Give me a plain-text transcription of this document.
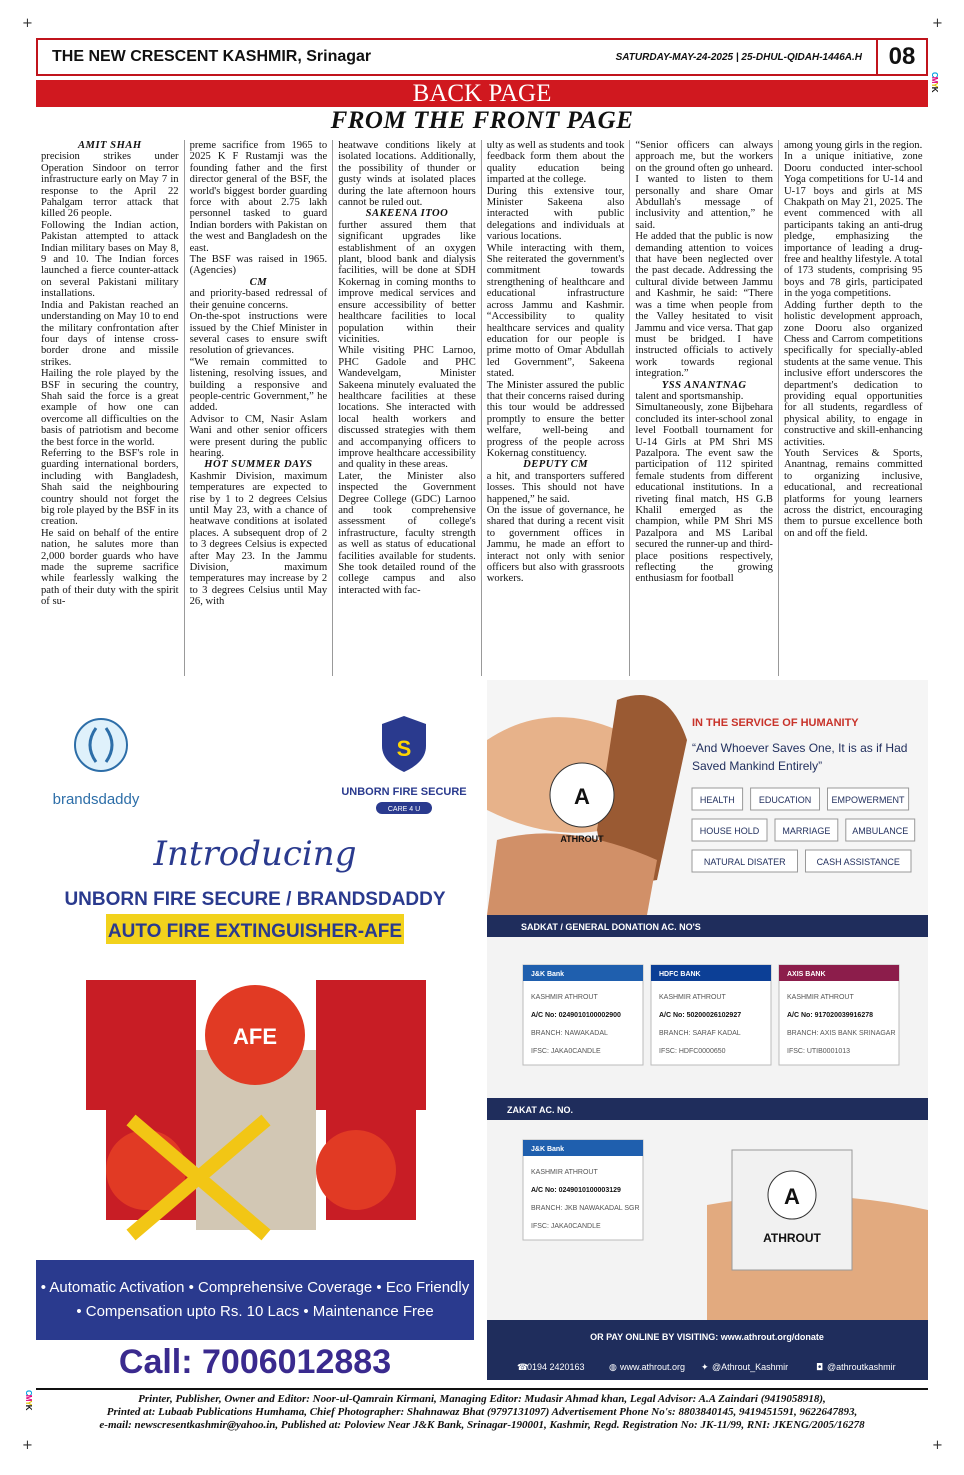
+	+
+	+
CMYK
CMYK
THE NEW CRESCENT KASHMIR, Srinagar	SATURDAY-MAY-24-2025 | 25-DHUL-QIDAH-1446A.H	08
BACK PAGE
FROM THE FRONT PAGE
AMIT SHAH

precision strikes under Operation Sindoor on terror infrastructure early on May 7 in response to the April 22 Pahalgam terror attack that killed 26 people.

Following the Indian action, Pakistan attempted to attack Indian military bases on May 8, 9 and 10. The Indian forces launched a fierce counter-attack on several Pakistani military installations.

India and Pakistan reached an understanding on May 10 to end the military confrontation after four days of intense cross-border drone and missile strikes.

Hailing the role played by the BSF in securing the country, Shah said the force is a great example of how one can overcome all difficulties on the basis of patriotism and become the best force in the world.

Referring to the BSF's role in guarding international borders, including with Bangladesh, Shah said the neighbouring country should not forget the big role played by the BSF in its creation.

He said on behalf of the entire nation, he salutes more than 2,000 border guards who have made the supreme sacrifice while fearlessly walking the path of their duty with the spirit of su-

preme sacrifice from 1965 to 2025 K F Rustamji was the founding father and the first director general of the BSF, the world's biggest border guarding force with about 2.75 lakh personnel tasked to guard Indian borders with Pakistan on the west and Bangladesh on the east.

The BSF was raised in 1965. (Agencies)

CM

and priority-based redressal of their genuine concerns.

On-the-spot instructions were issued by the Chief Minister in several cases to ensure swift resolution of grievances.

“We remain committed to listening, resolving issues, and building a responsive and people-centric Government,” he added.

Advisor to CM, Nasir Aslam Wani and other senior officers were present during the public hearing.

HOT SUMMER DAYS

Kashmir Division, maximum temperatures are expected to rise by 1 to 2 degrees Celsius until May 23, with a chance of heatwave conditions at isolated places. A subsequent drop of 2 to 3 degrees Celsius is expected after May 23. In the Jammu Division, maximum temperatures may increase by 2 to 3 degrees Celsius until May 26, with

heatwave conditions likely at isolated locations. Additionally, the possibility of thunder or gusty winds at isolated places during the late afternoon hours cannot be ruled out.

SAKEENA ITOO

further assured them that significant upgrades like establishment of an oxygen plant, blood bank and dialysis facilities, will be done at SDH Kokernag in coming months to improve medical services and ensure accessibility of better healthcare facilities to local population within their vicinities.

While visiting PHC Larnoo, PHC Gadole and PHC Wandevelgam, Minister Sakeena minutely evaluated the healthcare facilities at these locations. She interacted with local health workers and discussed strategies with them and accompanying officers to improve healthcare accessibility and quality in these areas.

Later, the Minister also inspected the Government Degree College (GDC) Larnoo and took comprehensive assessment of college's infrastructure, faculty strength as well as status of educational facilities available for students. She took detailed round of the college campus and also interacted with fac-

ulty as well as students and took feedback form them about the quality education being imparted at the college.

During this extensive tour, Minister Sakeena also interacted with public delegations and individuals at various locations.

While interacting with them, She reiterated the government's commitment towards strengthening of healthcare and educational infrastructure across Jammu and Kashmir. “Accessibility to quality healthcare services and quality education for our people is prime motto of Omar Abdullah led Government”, Sakeena stated.

The Minister assured the public that their concerns raised during this tour would be addressed promptly to ensure the better welfare, well-being and progress of the people across Kokernag constituency.

DEPUTY CM

a hit, and transporters suffered losses. This should not have happened,” he said.

On the issue of governance, he shared that during a recent visit to government offices in Jammu, he made an effort to interact not only with senior officers but also with grassroots workers.

“Senior officers can always approach me, but the workers on the ground often go unheard. I wanted to listen to them personally and share Omar Abdullah's message of inclusivity and attention,” he said.

He added that the public is now demanding attention to voices that have been neglected over the past decade. Addressing the cultural divide between Jammu and Kashmir, he said: “There was a time when people from the Valley hesitated to visit Jammu and vice versa. That gap must be bridged. I have instructed officials to actively work towards regional integration.”

YSS ANANTNAG

talent and sportsmanship.

Simultaneously, zone Bijbehara concluded its inter-school zonal level Football tournament for U-14 Girls at PM Shri MS Pazalpora. The event saw the participation of 112 spirited female students from different educational institutions. In a riveting final match, HS G.B Khalil emerged as the champion, while PM Shri MS Pazalpora and MS Laribal secured the runner-up and third-place positions respectively, reflecting the growing enthusiasm for football

among young girls in the region.

In a unique initiative, zone Dooru conducted inter-school Yoga competitions for U-14 and U-17 boys and girls at MS Chakpath on May 21, 2025. The event commenced with all participants taking an anti-drug pledge, emphasizing the importance of leading a drug-free and healthy lifestyle. A total of 173 students, comprising 95 boys and 78 girls, participated in the yoga competitions.

Adding further depth to the holistic development approach, zone Dooru also organized Chess and Carrom competitions specifically for specially-abled students at the same venue. This inclusive effort underscores the department's dedication to providing equal opportunities for all students, regardless of physical ability, to engage in constructive and skill-enhancing activities.

Youth Services & Sports, Anantnag, remains committed to organizing inclusive, educational, and recreational platforms for young learners across the district, encouraging them to pursue excellence both on and off the field.

brandsdaddy
S
UNBORN FIRE SECURE
CARE 4 U
Introducing
UNBORN FIRE SECURE / BRANDSDADDY
AUTO FIRE EXTINGUISHER-AFE
AFE
• Automatic Activation • Comprehensive Coverage • Eco Friendly
• Compensation upto Rs. 10 Lacs • Maintenance Free
Call: 7006012883
A
ATHROUT
IN THE SERVICE OF HUMANITY
“And Whoever Saves One, It is as if Had
Saved Mankind Entirely”
HEALTH	EDUCATION EMPOWERMENT
HOUSE HOLD	MARRIAGE AMBULANCE
NATURAL DISATER	CASH ASSISTANCE
SADKAT / GENERAL DONATION AC. NO'S
J&K Bank
KASHMIR ATHROUT
A/C No: 0249010100002900
BRANCH: NAWAKADAL
IFSC: JAKA0CANDLE
HDFC BANK
KASHMIR ATHROUT
A/C No: 50200026102927
BRANCH: SARAF KADAL
IFSC: HDFC0000650
AXIS BANK
KASHMIR ATHROUT
A/C No: 917020039916278
BRANCH: AXIS BANK SRINAGAR
IFSC: UTIB0001013
ZAKAT AC. NO.
J&K Bank
KASHMIR ATHROUT
A/C No: 0249010100003129
BRANCH: JKB NAWAKADAL SGR
IFSC: JAKA0CANDLE
A
ATHROUT
OR PAY ONLINE BY VISITING: www.athrout.org/donate
0194 2420163	www.athrout.org	@Athrout_Kashmir	@athroutkashmir
☎	◍	✦	◘
Printer, Publisher, Owner and Editor: Noor-ul-Qamrain Kirmani, Managing Editor: Mudasir Ahmad khan, Legal Advisor: A.A Zaindari (9419058918),
Printed at: Lubaab Publications Humhama, Chief Photographer: Shahnawaz Bhat (9797131097) Advertisement Phone No's: 8803840145, 9419451591, 9622647893,
e-mail: newscresentkashmir@yahoo.in, Published at: Poloview Near J&K Bank, Srinagar-190001, Kashmir, Regd. Registration No: JK-11/99, RNI: JKENG/2005/16278
